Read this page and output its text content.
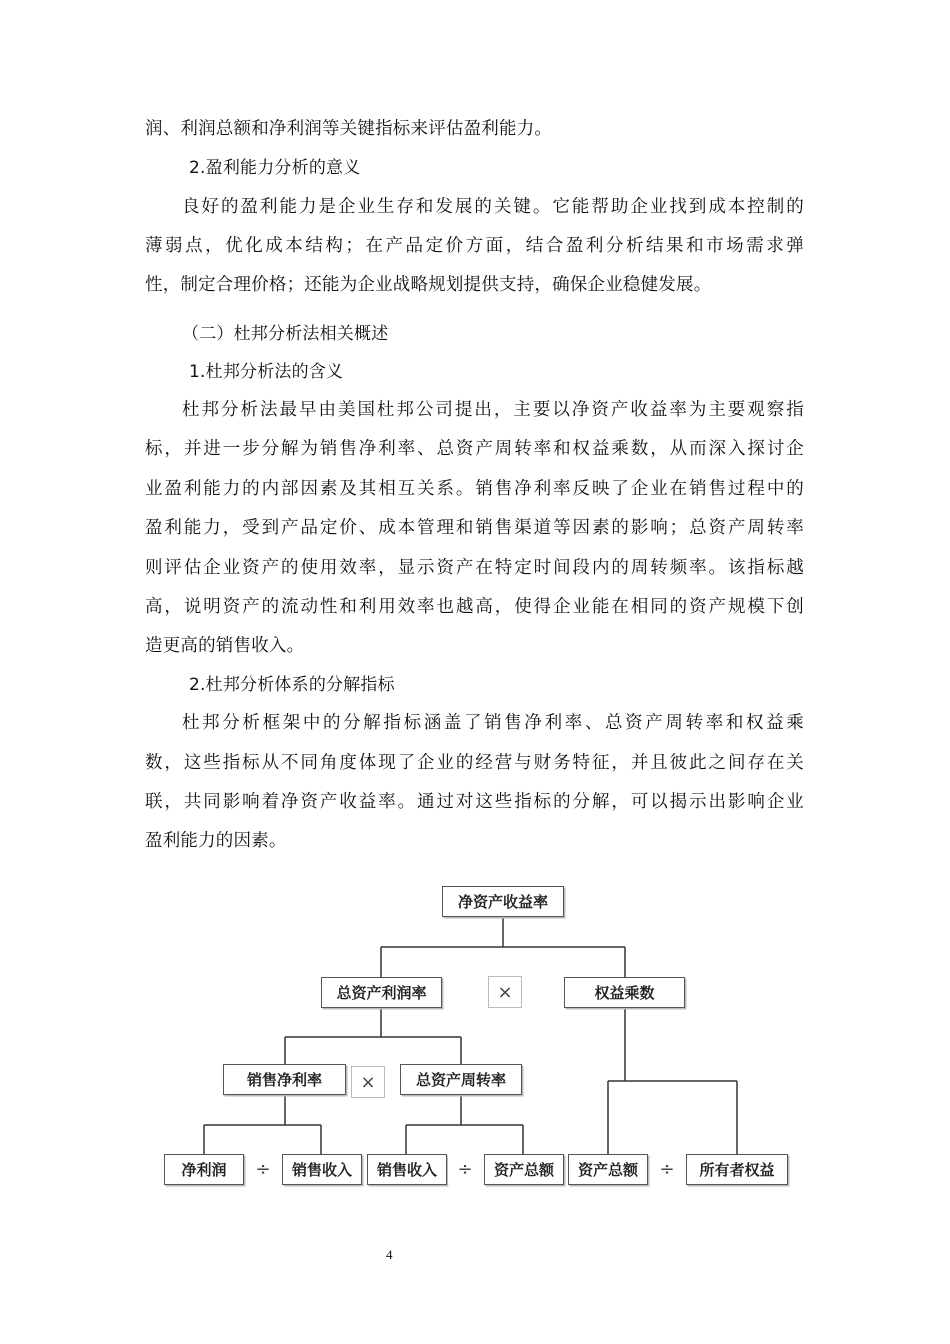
润、利润总额和净利润等关键指标来评估盈利能力。
2.盈利能力分析的意义
良好的盈利能力是企业生存和发展的关键。它能帮助企业找到成本控制的
薄弱点，优化成本结构；在产品定价方面，结合盈利分析结果和市场需求弹
性，制定合理价格；还能为企业战略规划提供支持，确保企业稳健发展。
（二）杜邦分析法相关概述
1.杜邦分析法的含义
杜邦分析法最早由美国杜邦公司提出，主要以净资产收益率为主要观察指
标，并进一步分解为销售净利率、总资产周转率和权益乘数，从而深入探讨企
业盈利能力的内部因素及其相互关系。销售净利率反映了企业在销售过程中的
盈利能力，受到产品定价、成本管理和销售渠道等因素的影响；总资产周转率
则评估企业资产的使用效率，显示资产在特定时间段内的周转频率。该指标越
高，说明资产的流动性和利用效率也越高，使得企业能在相同的资产规模下创
造更高的销售收入。
2.杜邦分析体系的分解指标
杜邦分析框架中的分解指标涵盖了销售净利率、总资产周转率和权益乘
数，这些指标从不同角度体现了企业的经营与财务特征，并且彼此之间存在关
联，共同影响着净资产收益率。通过对这些指标的分解，可以揭示出影响企业
盈利能力的因素。
净资产收益率
总资产利润率	×	权益乘数
销售净利率	×	总资产周转率
净利润	÷	销售收入	销售收入	÷	资产总额	资产总额	÷	所有者权益
4
